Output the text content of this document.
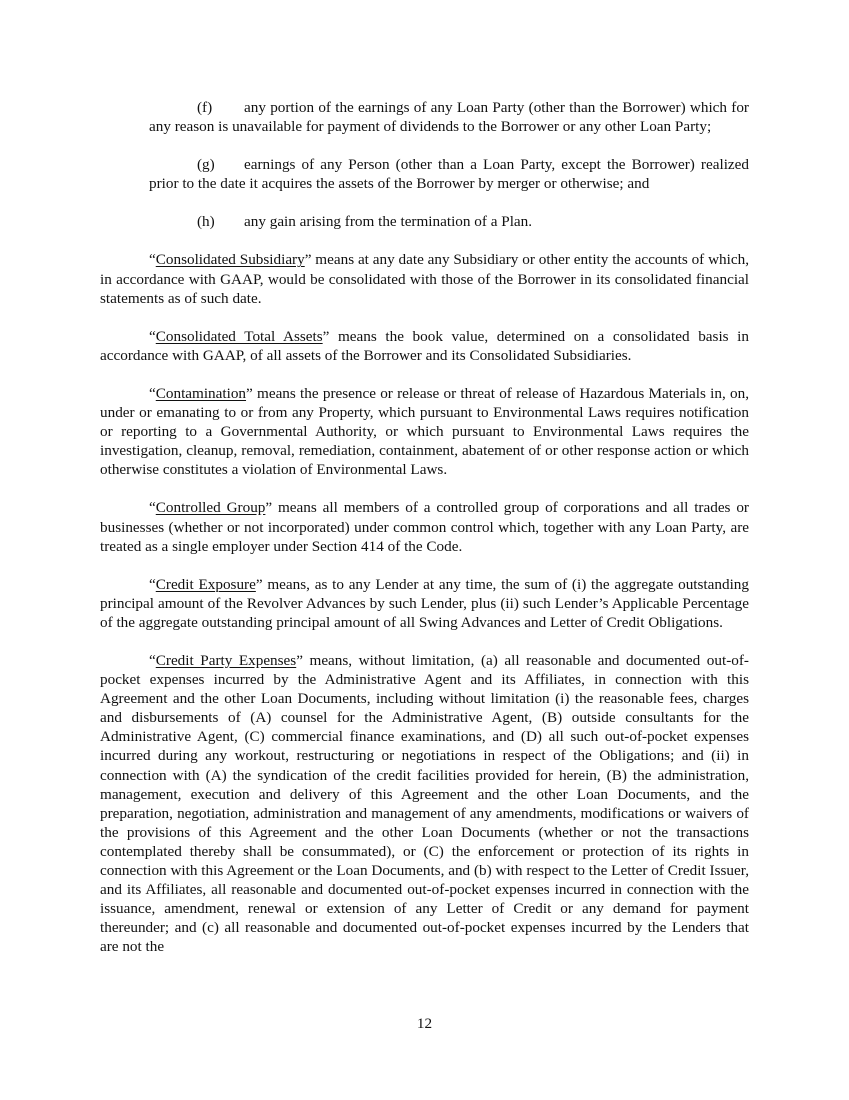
(f) any portion of the earnings of any Loan Party (other than the Borrower) which for any reason is unavailable for payment of dividends to the Borrower or any other Loan Party;

(g) earnings of any Person (other than a Loan Party, except the Borrower) realized prior to the date it acquires the assets of the Borrower by merger or otherwise; and

(h) any gain arising from the termination of a Plan.

“Consolidated Subsidiary” means at any date any Subsidiary or other entity the accounts of which, in accordance with GAAP, would be consolidated with those of the Borrower in its consolidated financial statements as of such date.

“Consolidated Total Assets” means the book value, determined on a consolidated basis in accordance with GAAP, of all assets of the Borrower and its Consolidated Subsidiaries.

“Contamination” means the presence or release or threat of release of Hazardous Materials in, on, under or emanating to or from any Property, which pursuant to Environmental Laws requires notification or reporting to a Governmental Authority, or which pursuant to Environmental Laws requires the investigation, cleanup, removal, remediation, containment, abatement of or other response action or which otherwise constitutes a violation of Environmental Laws.

“Controlled Group” means all members of a controlled group of corporations and all trades or businesses (whether or not incorporated) under common control which, together with any Loan Party, are treated as a single employer under Section 414 of the Code.

“Credit Exposure” means, as to any Lender at any time, the sum of (i) the aggregate outstanding principal amount of the Revolver Advances by such Lender, plus (ii) such Lender’s Applicable Percentage of the aggregate outstanding principal amount of all Swing Advances and Letter of Credit Obligations.

“Credit Party Expenses” means, without limitation, (a) all reasonable and documented out-of-pocket expenses incurred by the Administrative Agent and its Affiliates, in connection with this Agreement and the other Loan Documents, including without limitation (i) the reasonable fees, charges and disbursements of (A) counsel for the Administrative Agent, (B) outside consultants for the Administrative Agent, (C) commercial finance examinations, and (D) all such out-of-pocket expenses incurred during any workout, restructuring or negotiations in respect of the Obligations; and (ii) in connection with (A) the syndication of the credit facilities provided for herein, (B) the administration, management, execution and delivery of this Agreement and the other Loan Documents, and the preparation, negotiation, administration and management of any amendments, modifications or waivers of the provisions of this Agreement and the other Loan Documents (whether or not the transactions contemplated thereby shall be consummated), or (C) the enforcement or protection of its rights in connection with this Agreement or the Loan Documents, and (b) with respect to the Letter of Credit Issuer, and its Affiliates, all reasonable and documented out-of-pocket expenses incurred in connection with the issuance, amendment, renewal or extension of any Letter of Credit or any demand for payment thereunder; and (c) all reasonable and documented out-of-pocket expenses incurred by the Lenders that are not the

12
